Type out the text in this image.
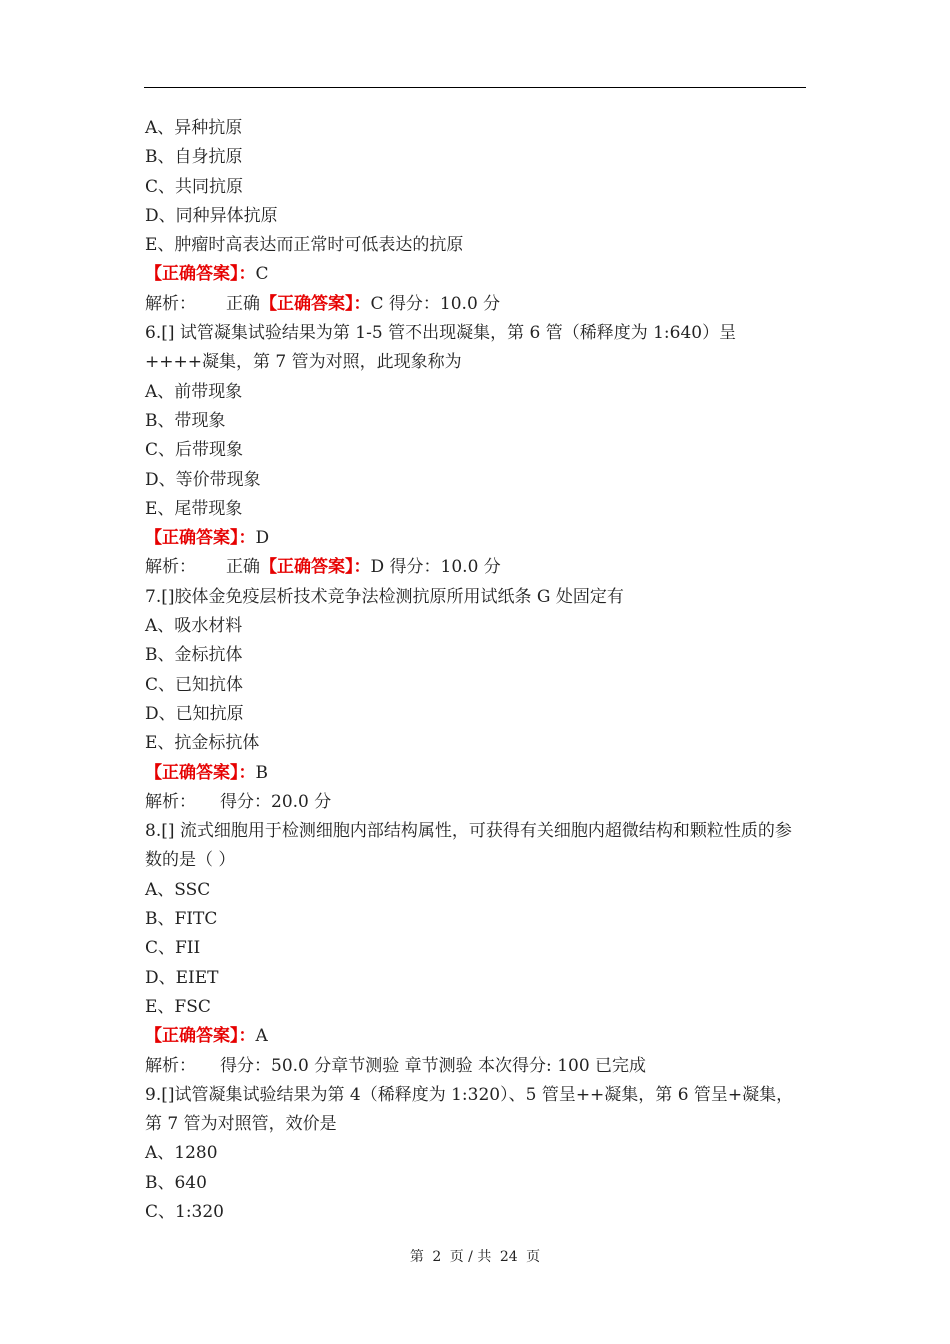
A、异种抗原
B、自身抗原
C、共同抗原
D、同种异体抗原
E、肿瘤时高表达而正常时可低表达的抗原
【正确答案】：C
解析： 正确【正确答案】：C 得分：10.0 分
6.[] 试管凝集试验结果为第 1-5 管不出现凝集，第 6 管（稀释度为 1:640）呈++++凝集，第 7 管为对照，此现象称为
A、前带现象
B、带现象
C、后带现象
D、等价带现象
E、尾带现象
【正确答案】：D
解析： 正确【正确答案】：D 得分：10.0 分
7.[]胶体金免疫层析技术竞争法检测抗原所用试纸条 G 处固定有
A、吸水材料
B、金标抗体
C、已知抗体
D、已知抗原
E、抗金标抗体
【正确答案】：B
解析： 得分：20.0 分
8.[] 流式细胞用于检测细胞内部结构属性，可获得有关细胞内超微结构和颗粒性质的参数的是（ ）
A、SSC
B、FITC
C、FII
D、EIET
E、FSC
【正确答案】：A
解析： 得分：50.0 分章节测验 章节测验 本次得分: 100 已完成
9.[]试管凝集试验结果为第 4（稀释度为 1:320）、5 管呈++凝集，第 6 管呈+凝集，第 7 管为对照管，效价是
A、1280
B、640
C、1:320
第 2 页 / 共 24 页
